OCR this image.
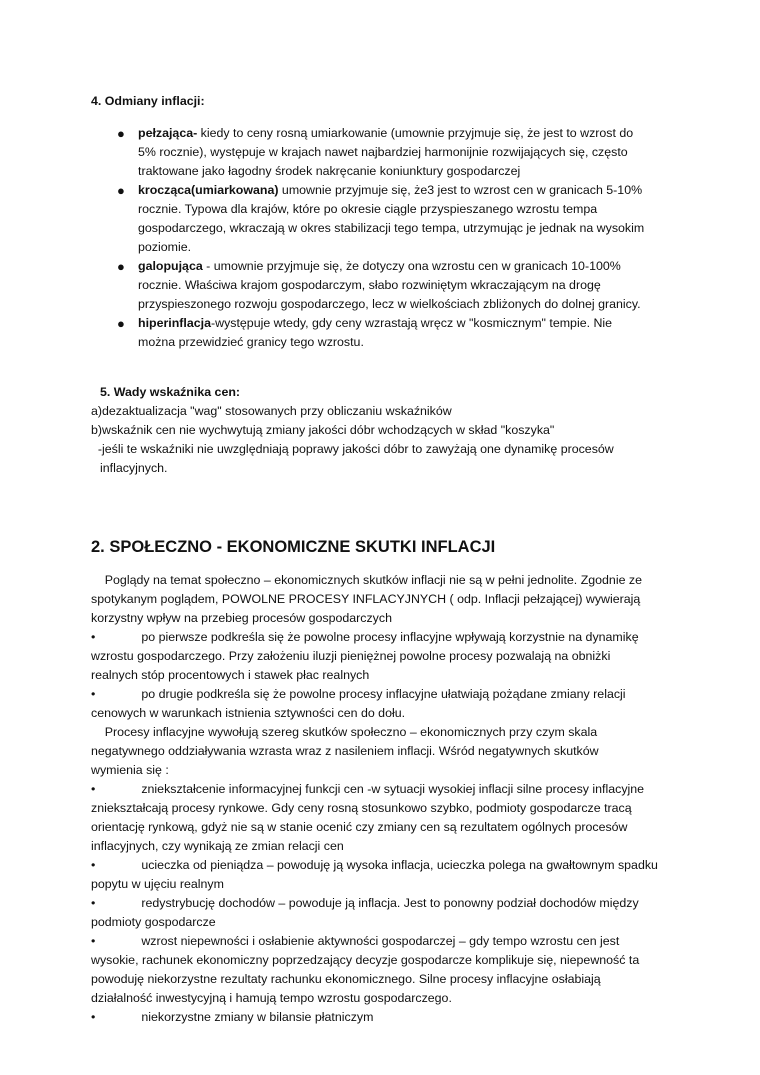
4. Odmiany inflacji:
● pełzająca- kiedy to ceny rosną umiarkowanie (umownie przyjmuje się, że jest to wzrost do
5% rocznie), występuje w krajach nawet najbardziej harmonijnie rozwijających się, często
traktowane jako łagodny środek nakręcanie koniunktury gospodarczej
● krocząca(umiarkowana) umownie przyjmuje się, że3 jest to wzrost cen w granicach 5-10%
rocznie. Typowa dla krajów, które po okresie ciągle przyspieszanego wzrostu tempa
gospodarczego, wkraczają w okres stabilizacji tego tempa, utrzymując je jednak na wysokim
poziomie.
● galopująca - umownie przyjmuje się, że dotyczy ona wzrostu cen w granicach 10-100%
rocznie. Właściwa krajom gospodarczym, słabo rozwiniętym wkraczającym na drogę
przyspieszonego rozwoju gospodarczego, lecz w wielkościach zbliżonych do dolnej granicy.
● hiperinflacja-występuje wtedy, gdy ceny wzrastają wręcz w "kosmicznym" tempie. Nie
można przewidzieć granicy tego wzrostu.
5. Wady wskaźnika cen:
a)dezaktualizacja "wag" stosowanych przy obliczaniu wskaźników
b)wskaźnik cen nie wychwytują zmiany jakości dóbr wchodzących w skład "koszyka"
-jeśli te wskaźniki nie uwzględniają poprawy jakości dóbr to zawyżają one dynamikę procesów
inflacyjnych.
2. SPOŁECZNO - EKONOMICZNE SKUTKI INFLACJI

Poglądy na temat społeczno – ekonomicznych skutków inflacji nie są w pełni jednolite. Zgodnie ze
spotykanym poglądem, POWOLNE PROCESY INFLACYJNYCH ( odp. Inflacji pełzającej) wywierają
korzystny wpływ na przebieg procesów gospodarczych

•	po pierwsze podkreśla się że powolne procesy inflacyjne wpływają korzystnie na dynamikę
wzrostu gospodarczego. Przy założeniu iluzji pieniężnej powolne procesy pozwalają na obniżki
realnych stóp procentowych i stawek płac realnych
•	po drugie podkreśla się że powolne procesy inflacyjne ułatwiają pożądane zmiany relacji
cenowych w warunkach istnienia sztywności cen do dołu.

Procesy inflacyjne wywołują szereg skutków społeczno – ekonomicznych przy czym skala
negatywnego oddziaływania wzrasta wraz z nasileniem inflacji. Wśród negatywnych skutków
wymienia się :

•	zniekształcenie informacyjnej funkcji cen -w sytuacji wysokiej inflacji silne procesy inflacyjne
zniekształcają procesy rynkowe. Gdy ceny rosną stosunkowo szybko, podmioty gospodarcze tracą
orientację rynkową, gdyż nie są w stanie ocenić czy zmiany cen są rezultatem ogólnych procesów
inflacyjnych, czy wynikają ze zmian relacji cen
•	ucieczka od pieniądza – powoduję ją wysoka inflacja, ucieczka polega na gwałtownym spadku
popytu w ujęciu realnym
•	redystrybucję dochodów – powoduje ją inflacja. Jest to ponowny podział dochodów między
podmioty gospodarcze
•	wzrost niepewności i osłabienie aktywności gospodarczej – gdy tempo wzrostu cen jest
wysokie, rachunek ekonomiczny poprzedzający decyzje gospodarcze komplikuje się, niepewność ta
powoduję niekorzystne rezultaty rachunku ekonomicznego. Silne procesy inflacyjne osłabiają
działalność inwestycyjną i hamują tempo wzrostu gospodarczego.
•	niekorzystne zmiany w bilansie płatniczym
